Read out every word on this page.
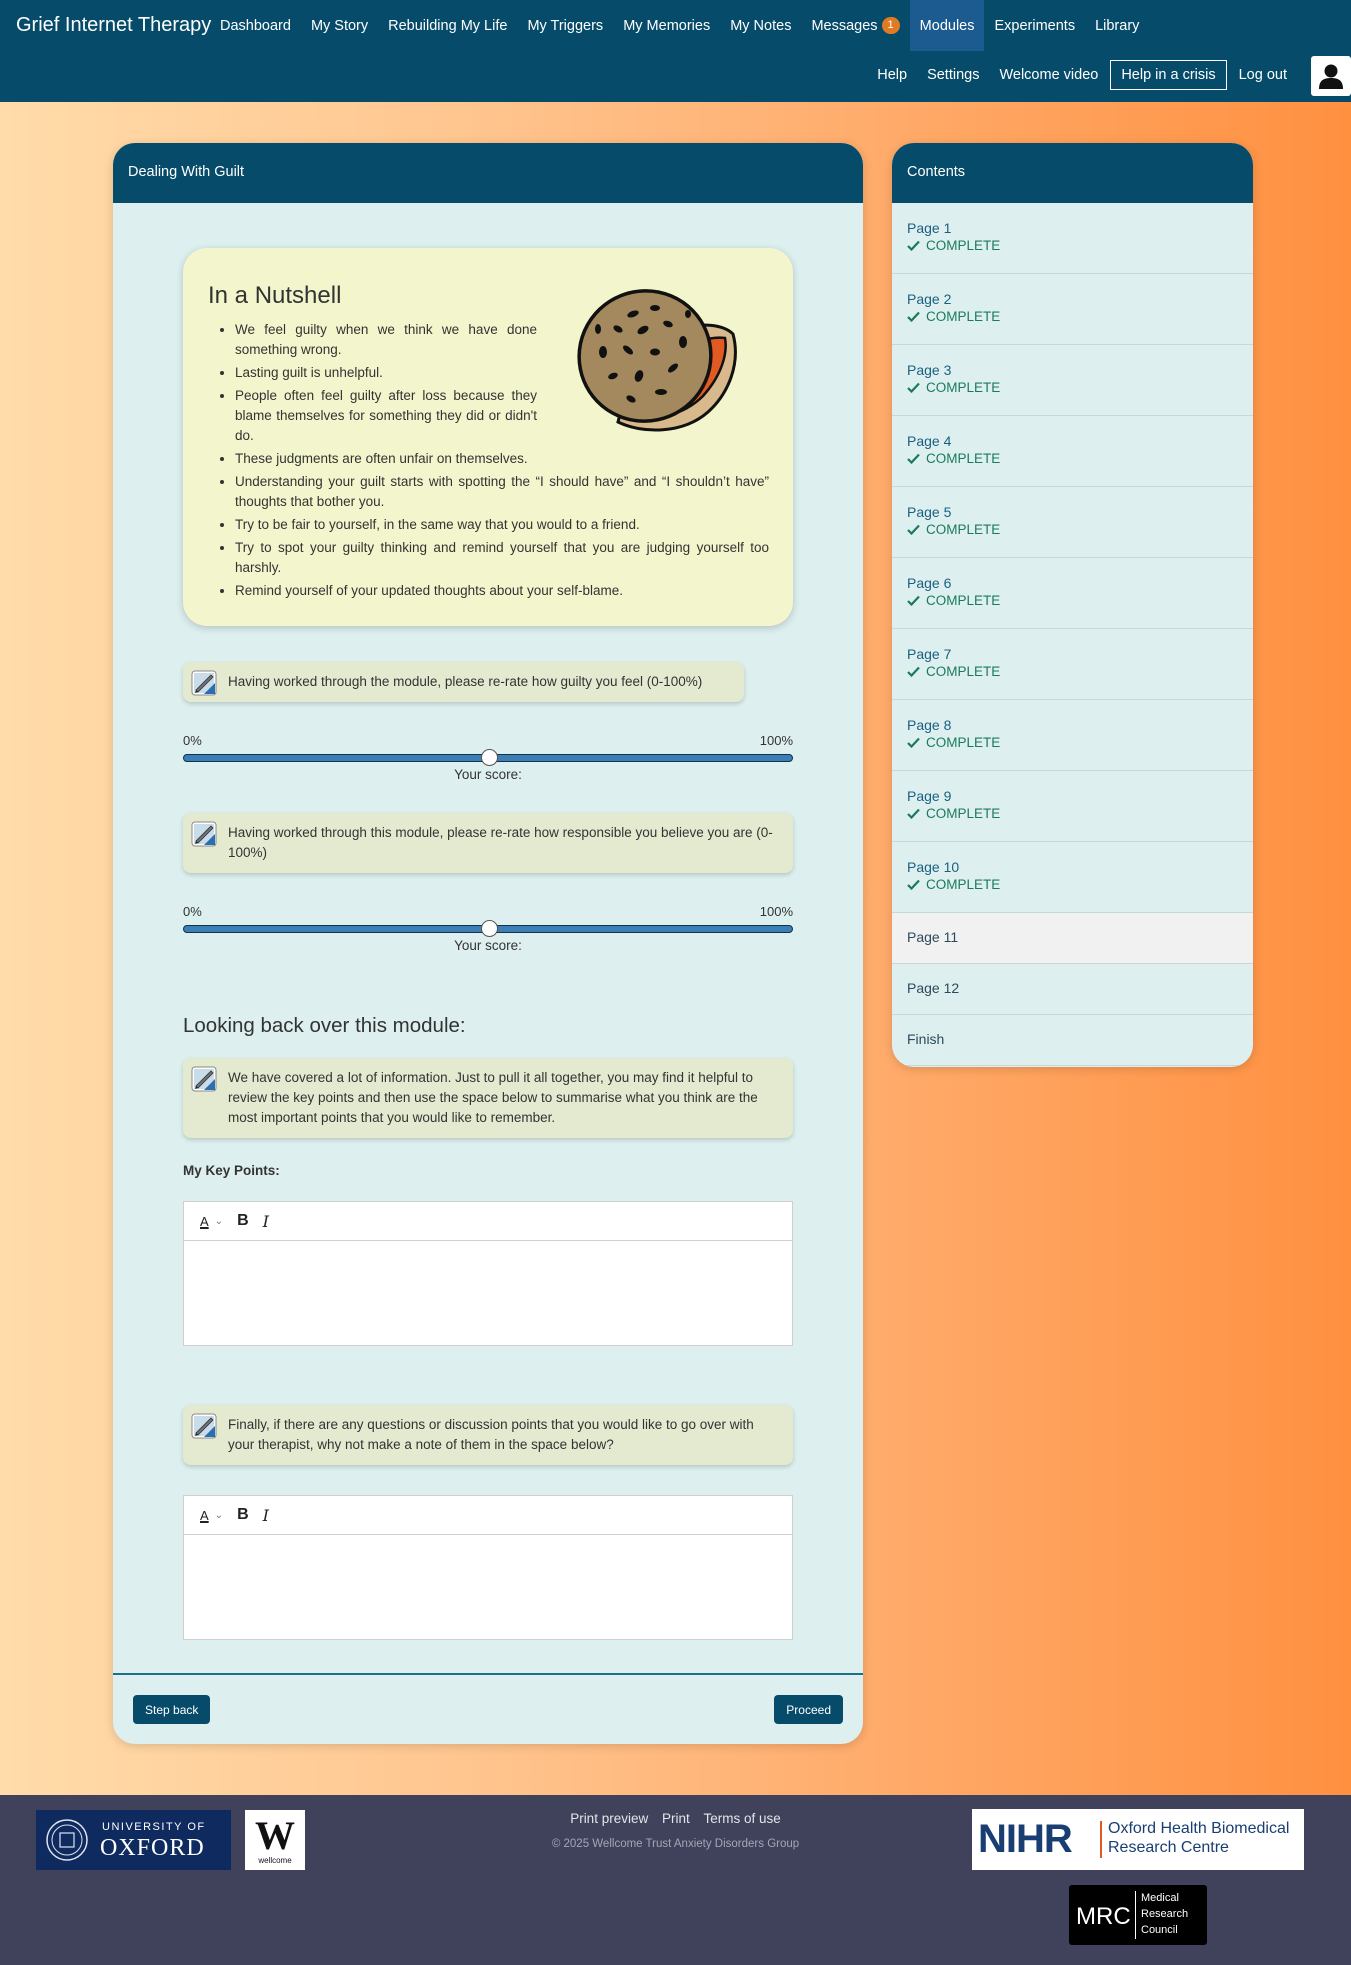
Grief Internet Therapy Dashboard My Story Rebuilding My Life My Triggers My Memories My Notes Messages 1	Modules Experiments Library
Help	Settings	Welcome video	Help in a crisis	Log out
Dealing With Guilt
In a Nutshell
• We feel guilty when we think we have done something wrong.
• Lasting guilt is unhelpful.
• People often feel guilty after loss because they blame themselves for something they did or didn't do.
• These judgments are often unfair on themselves.
• Understanding your guilt starts with spotting the “I should have” and “I shouldn’t have” thoughts that bother you.
• Try to be fair to yourself, in the same way that you would to a friend.
• Try to spot your guilty thinking and remind yourself that you are judging yourself too harshly.
• Remind yourself of your updated thoughts about your self-blame.
Having worked through the module, please re-rate how guilty you feel (0-100%)
0%	100%
Your score:
Having worked through this module, please re-rate how responsible you believe you are (0-100%)
0%	100%
Your score:
Looking back over this module:
We have covered a lot of information. Just to pull it all together, you may find it helpful to review the key points and then use the space below to summarise what you think are the most important points that you would like to remember.
My Key Points:
A ⌄ B I
Finally, if there are any questions or discussion points that you would like to go over with your therapist, why not make a note of them in the space below?
A ⌄ B I
Step back	Proceed
Contents
Page 1
COMPLETE
Page 2
COMPLETE
Page 3
COMPLETE
Page 4
COMPLETE
Page 5
COMPLETE
Page 6
COMPLETE
Page 7
COMPLETE
Page 8
COMPLETE
Page 9
COMPLETE
Page 10
COMPLETE
Page 11
Page 12
Finish
UNIVERSITY OF
OXFORD W
wellcome
Print preview Print Terms of use
© 2025 Wellcome Trust Anxiety Disorders Group	NIHR Oxford Health Biomedical
Research Centre
MRC
Medical
Research
Council
